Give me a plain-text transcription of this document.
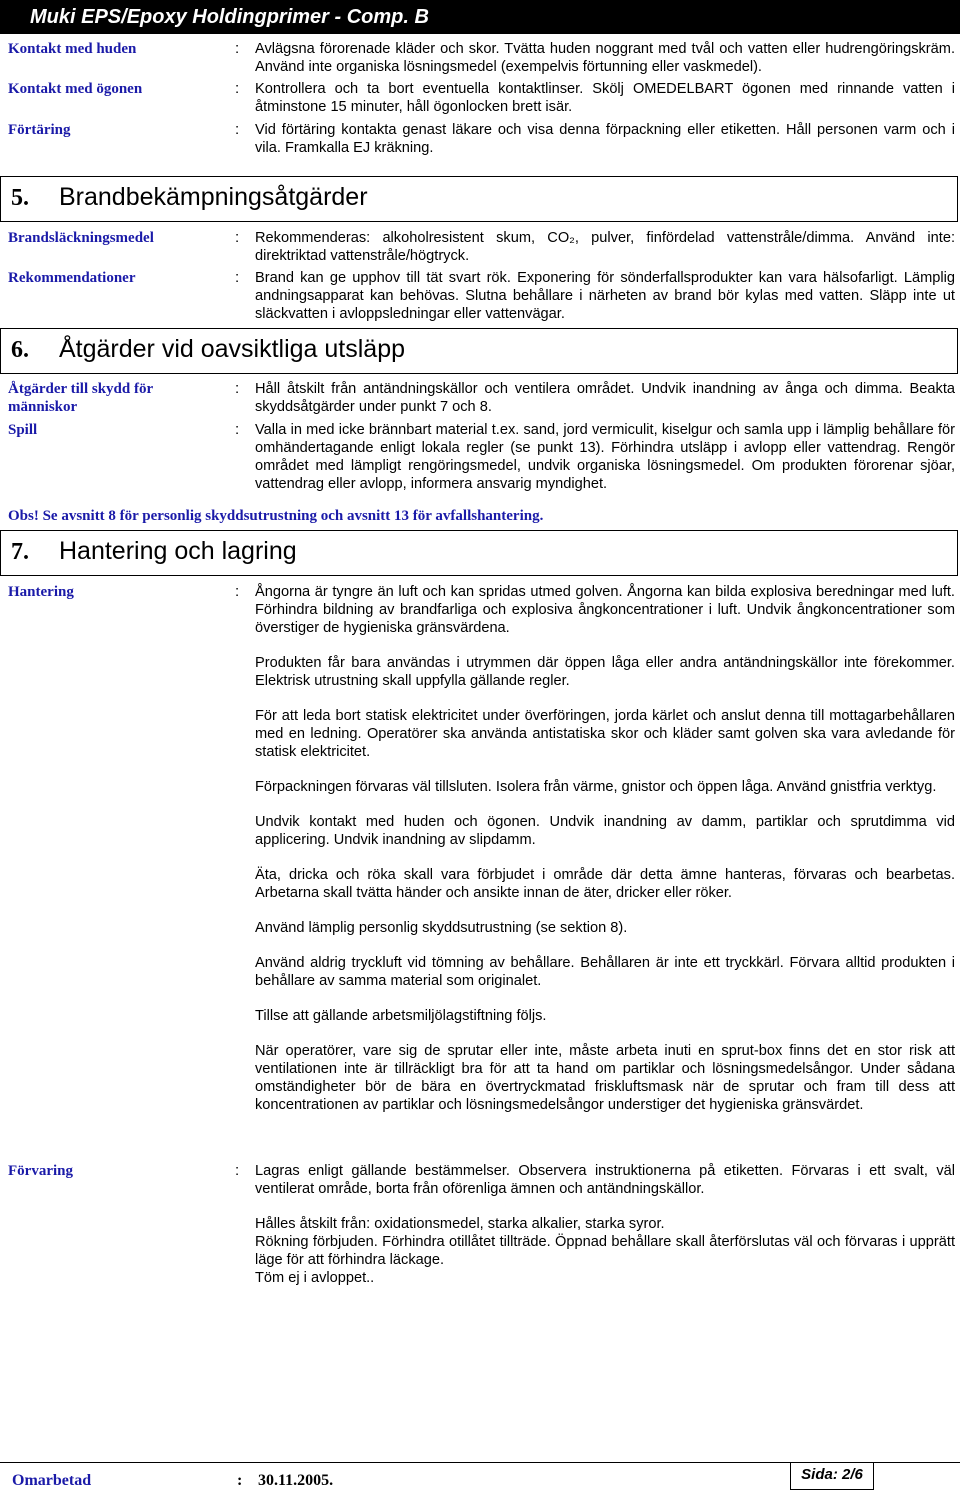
Muki EPS/Epoxy Holdingprimer - Comp. B
Kontakt med huden	: Avlägsna förorenade kläder och skor. Tvätta huden noggrant med tvål och vatten eller hudrengöringskräm. Använd inte organiska lösningsmedel (exempelvis förtunning eller vaskmedel).
Kontakt med ögonen	: Kontrollera och ta bort eventuella kontaktlinser. Skölj OMEDELBART ögonen med rinnande vatten i åtminstone 15 minuter, håll ögonlocken brett isär.
Förtäring	: Vid förtäring kontakta genast läkare och visa denna förpackning eller etiketten. Håll personen varm och i vila. Framkalla EJ kräkning.
5. Brandbekämpningsåtgärder
Brandsläckningsmedel	: Rekommenderas: alkoholresistent skum, CO₂, pulver, finfördelad vattenstråle/dimma. Använd inte: direktriktad vattenstråle/högtryck.
Rekommendationer	: Brand kan ge upphov till tät svart rök. Exponering för sönderfallsprodukter kan vara hälsofarligt. Lämplig andningsapparat kan behövas. Slutna behållare i närheten av brand bör kylas med vatten. Släpp inte ut släckvatten i avloppsledningar eller vattenvägar.
6. Åtgärder vid oavsiktliga utsläpp
Åtgärder till skydd för människor
: Håll åtskilt från antändningskällor och ventilera området. Undvik inandning av ånga och dimma. Beakta skyddsåtgärder under punkt 7 och 8.
Spill	: Valla in med icke brännbart material t.ex. sand, jord vermiculit, kiselgur och samla upp i lämplig behållare för omhändertagande enligt lokala regler (se punkt 13). Förhindra utsläpp i avlopp eller vattendrag. Rengör området med lämpligt rengöringsmedel, undvik organiska lösningsmedel. Om produkten förorenar sjöar, vattendrag eller avlopp, informera ansvarig myndighet.
Obs! Se avsnitt 8 för personlig skyddsutrustning och avsnitt 13 för avfallshantering.
7. Hantering och lagring
Hantering	: Ångorna är tyngre än luft och kan spridas utmed golven. Ångorna kan bilda explosiva beredningar med luft. Förhindra bildning av brandfarliga och explosiva ångkoncentrationer i luft. Undvik ångkoncentrationer som överstiger de hygieniska gränsvärdena.

Produkten får bara användas i utrymmen där öppen låga eller andra antändningskällor inte förekommer. Elektrisk utrustning skall uppfylla gällande regler.

För att leda bort statisk elektricitet under överföringen, jorda kärlet och anslut denna till mottagarbehållaren med en ledning. Operatörer ska använda antistatiska skor och kläder samt golven ska vara avledande för statisk elektricitet.

Förpackningen förvaras väl tillsluten. Isolera från värme, gnistor och öppen låga. Använd gnistfria verktyg.

Undvik kontakt med huden och ögonen. Undvik inandning av damm, partiklar och sprutdimma vid applicering. Undvik inandning av slipdamm.

Äta, dricka och röka skall vara förbjudet i område där detta ämne hanteras, förvaras och bearbetas. Arbetarna skall tvätta händer och ansikte innan de äter, dricker eller röker.

Använd lämplig personlig skyddsutrustning (se sektion 8).

Använd aldrig tryckluft vid tömning av behållare. Behållaren är inte ett tryckkärl. Förvara alltid produkten i behållare av samma material som originalet.

Tillse att gällande arbetsmiljölagstiftning följs.

När operatörer, vare sig de sprutar eller inte, måste arbeta inuti en sprut-box finns det en stor risk att ventilationen inte är tillräckligt bra för att ta hand om partiklar och lösningsmedelsångor. Under sådana omständigheter bör de bära en övertryckmatad friskluftsmask när de sprutar och fram till dess att koncentrationen av partiklar och lösningsmedelsångor understiger det hygieniska gränsvärdet.

Förvaring	: Lagras enligt gällande bestämmelser. Observera instruktionerna på etiketten. Förvaras i ett svalt, väl ventilerat område, borta från oförenliga ämnen och antändningskällor.

Hålles åtskilt från: oxidationsmedel, starka alkalier, starka syror.

Rökning förbjuden. Förhindra otillåtet tillträde. Öppnad behållare skall återförslutas väl och förvaras i upprätt läge för att förhindra läckage.

Töm ej i avloppet..

Omarbetad	: 30.11.2005.	Sida: 2/6
